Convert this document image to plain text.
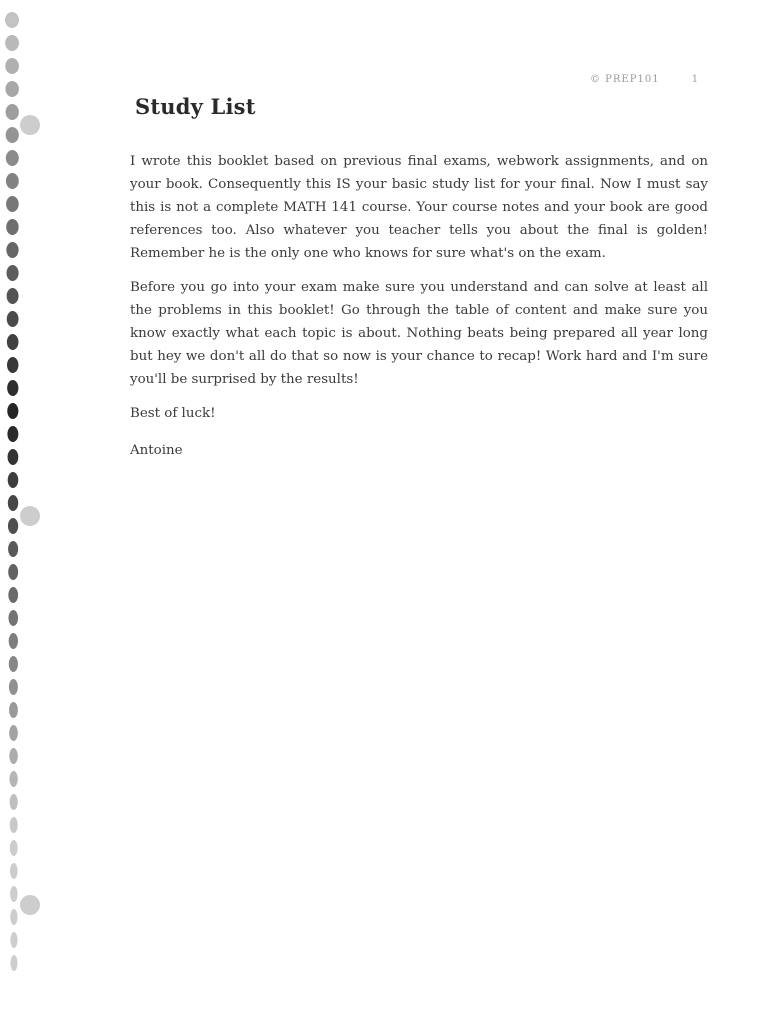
© PREP101	1
Study List

I wrote this booklet based on previous final exams, webwork assignments, and on your book. Consequently this IS your basic study list for your final. Now I must say this is not a complete MATH 141 course. Your course notes and your book are good references too. Also whatever you teacher tells you about the final is golden! Remember he is the only one who knows for sure what's on the exam.

Before you go into your exam make sure you understand and can solve at least all the problems in this booklet! Go through the table of content and make sure you know exactly what each topic is about. Nothing beats being prepared all year long but hey we don't all do that so now is your chance to recap! Work hard and I'm sure you'll be surprised by the results!

Best of luck!

Antoine
